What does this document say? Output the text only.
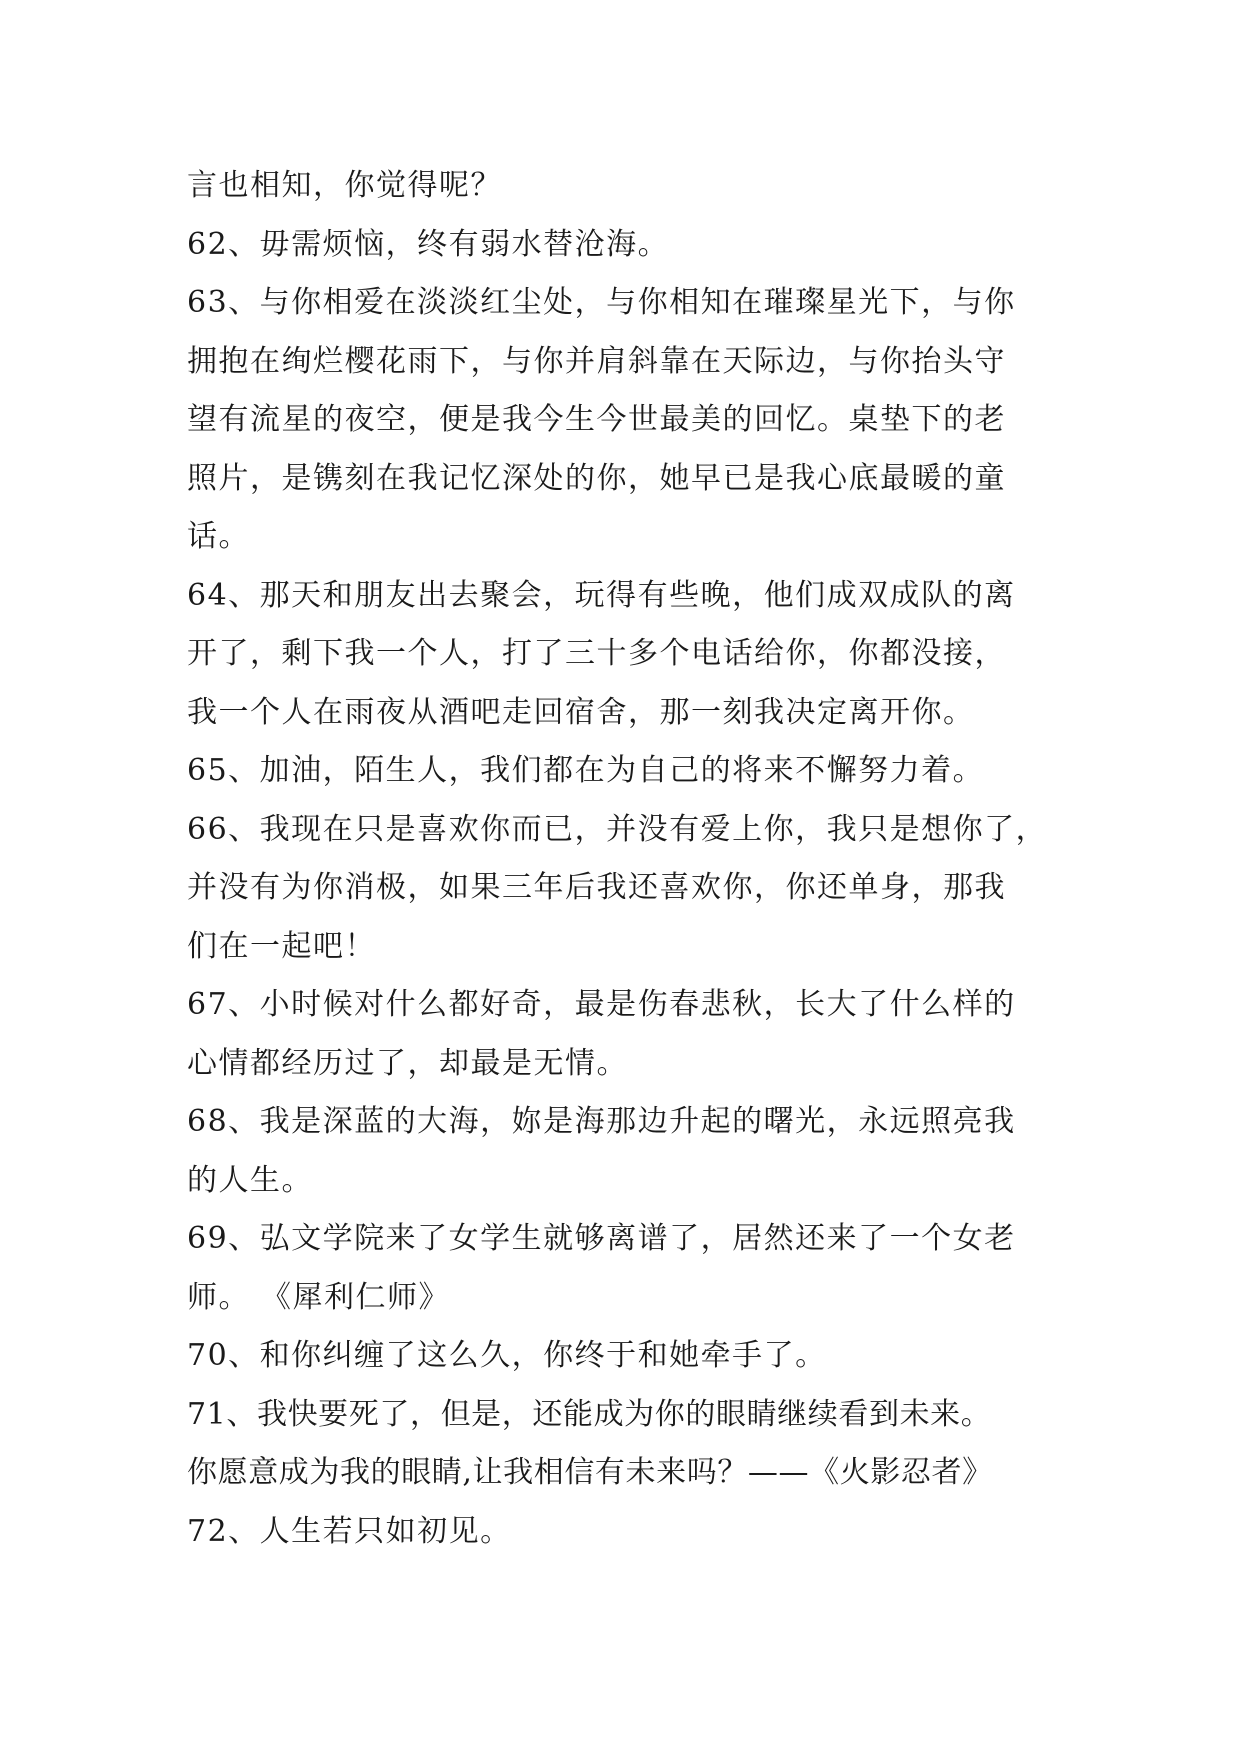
言也相知，你觉得呢？
62、毋需烦恼，终有弱水替沧海。
63、与你相爱在淡淡红尘处，与你相知在璀璨星光下，与你
拥抱在绚烂樱花雨下，与你并肩斜靠在天际边，与你抬头守
望有流星的夜空，便是我今生今世最美的回忆。桌垫下的老
照片，是镌刻在我记忆深处的你，她早已是我心底最暖的童
话。
64、那天和朋友出去聚会，玩得有些晚，他们成双成队的离
开了，剩下我一个人，打了三十多个电话给你，你都没接，
我一个人在雨夜从酒吧走回宿舍，那一刻我决定离开你。
65、加油，陌生人，我们都在为自己的将来不懈努力着。
66、我现在只是喜欢你而已，并没有爱上你，我只是想你了，
并没有为你消极，如果三年后我还喜欢你，你还单身，那我
们在一起吧！
67、小时候对什么都好奇，最是伤春悲秋，长大了什么样的
心情都经历过了，却最是无情。
68、我是深蓝的大海，妳是海那边升起的曙光，永远照亮我
的人生。
69、弘文学院来了女学生就够离谱了，居然还来了一个女老
师。 《犀利仁师》
70、和你纠缠了这么久，你终于和她牵手了。
71、我快要死了，但是，还能成为你的眼睛继续看到未来。
你愿意成为我的眼睛,让我相信有未来吗？——《火影忍者》
72、人生若只如初见。
